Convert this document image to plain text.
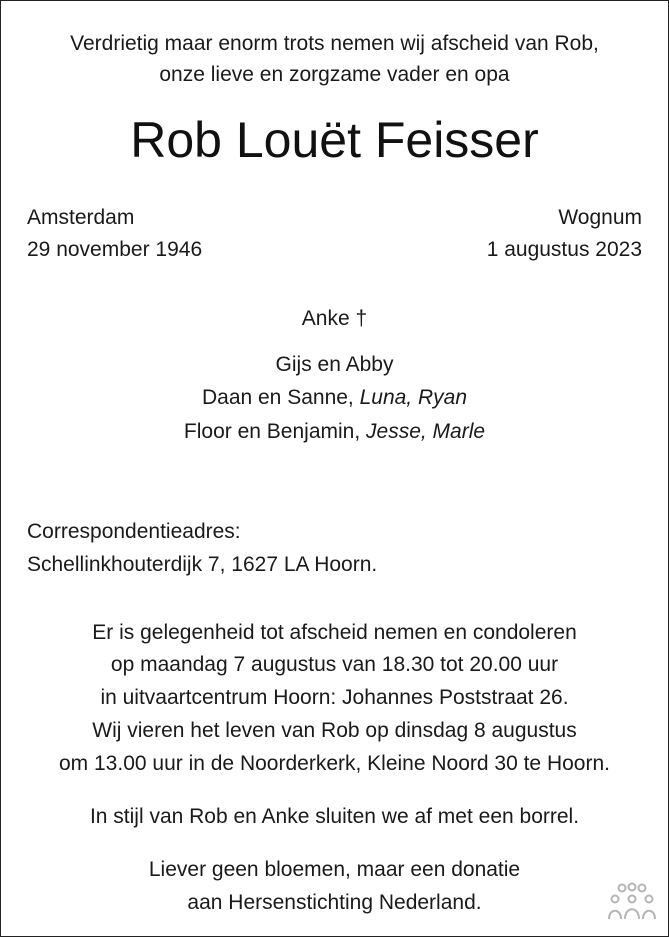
Verdrietig maar enorm trots nemen wij afscheid van Rob,
onze lieve en zorgzame vader en opa
Rob Louët Feisser
Amsterdam
29 november 1946
Wognum
1 augustus 2023
Anke †
Gijs en Abby
Daan en Sanne, Luna, Ryan
Floor en Benjamin, Jesse, Marle
Correspondentieadres:
Schellinkhouterdijk 7, 1627 LA Hoorn.
Er is gelegenheid tot afscheid nemen en condoleren
op maandag 7 augustus van 18.30 tot 20.00 uur
in uitvaartcentrum Hoorn: Johannes Poststraat 26.
Wij vieren het leven van Rob op dinsdag 8 augustus
om 13.00 uur in de Noorderkerk, Kleine Noord 30 te Hoorn.
In stijl van Rob en Anke sluiten we af met een borrel.
Liever geen bloemen, maar een donatie
aan Hersenstichting Nederland.
